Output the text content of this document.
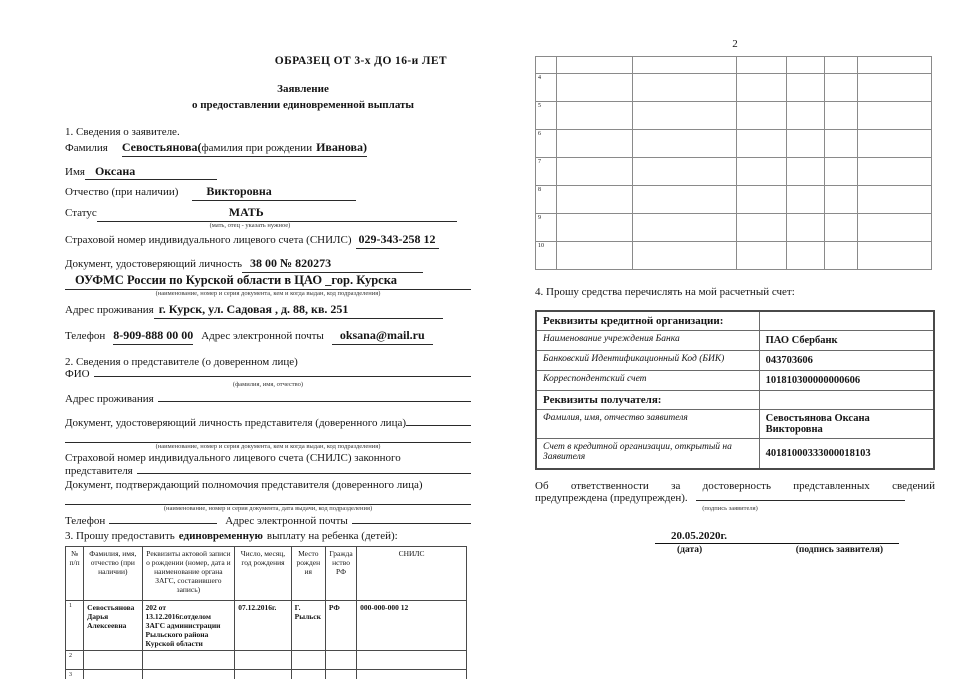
ОБРАЗЕЦ ОТ 3-х ДО 16-и ЛЕТ
Заявление
о предоставлении единовременной выплаты
1. Сведения о заявителе.
Фамилия Севостьянова(фамилия при рождении Иванова)
Имя Оксана
Отчество (при наличии)	Викторовна
Статус	МАТЬ
(мать, отец - указать нужное)
Страховой номер индивидуального лицевого счета (СНИЛС) 029-343-258 12
Документ, удостоверяющий личность 38 00 № 820273
ОУФМС России по Курской области в ЦАО _гор. Курска
(наименование, номер и серия документа, кем и когда выдан, код подразделения)
Адрес проживания г. Курск, ул. Садовая , д. 88, кв. 251
Телефон 8-909-888 00 00 Адрес электронной почты	oksana@mail.ru
2. Сведения о представителе (о доверенном лице)
ФИО
(фамилия, имя, отчество)
Адрес проживания
Документ, удостоверяющий личность представителя (доверенного лица)
(наименование, номер и серия документа, кем и когда выдан, код подразделения)
Страховой номер индивидуального лицевого счета (СНИЛС) законного
представителя
Документ, подтверждающий полномочия представителя (доверенного лица)
(наименование, номер и серия документа, дата выдачи, код подразделения)
Телефон	Адрес электронной почты
3. Прошу предоставить единовременную выплату на ребенка (детей):
№ п/п	Фамилия, имя, отчество (при наличии)	Реквизиты актовой записи о рождении (номер, дата и наименование органа ЗАГС, составившего запись)	Число, месяц, год рождения	Место рождения	Гражданство РФ	СНИЛС
1	Севостьянова Дарья Алексеевна	202 от 13.12.2016г.отделом ЗАГС администрации Рыльского района Курской области	07.12.2016г.	Г. Рыльск	РФ	000-000-000 12
2						
3						
2

4						
5						
6						
7						
8						
9						
10						
4. Прошу средства перечислять на мой расчетный счет:
Реквизиты кредитной организации:	
Наименование учреждения Банка	ПАО Сбербанк
Банковский Идентификационный Код (БИК)	043703606
Корреспондентский счет	101810300000000606
Реквизиты получателя:	
Фамилия, имя, отчество заявителя	Севостьянова Оксана Викторовна
Счет в кредитной организации, открытый на Заявителя	40181000333000018103
Об ответственности за достоверность представленных сведений
предупреждена (предупрежден).
(подпись заявителя)
20.05.2020г.
(дата)	(подпись заявителя)
